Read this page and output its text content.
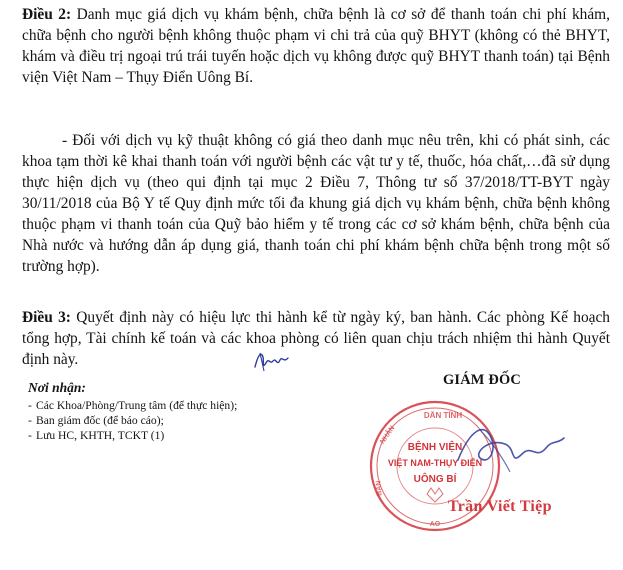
Điều 2: Danh mục giá dịch vụ khám bệnh, chữa bệnh là cơ sở để thanh toán chi phí khám, chữa bệnh cho người bệnh không thuộc phạm vi chi trả của quỹ BHYT (không có thẻ BHYT, khám và điều trị ngoại trú trái tuyến hoặc dịch vụ không được quỹ BHYT thanh toán) tại Bệnh viện Việt Nam – Thụy Điển Uông Bí.

- Đối với dịch vụ kỹ thuật không có giá theo danh mục nêu trên, khi có phát sinh, các khoa tạm thời kê khai thanh toán với người bệnh các vật tư y tế, thuốc, hóa chất,…đã sử dụng thực hiện dịch vụ (theo qui định tại mục 2 Điều 7, Thông tư số 37/2018/TT-BYT ngày 30/11/2018 của Bộ Y tế Quy định mức tối đa khung giá dịch vụ khám bệnh, chữa bệnh không thuộc phạm vi thanh toán của Quỹ bảo hiểm y tế trong các cơ sở khám bệnh, chữa bệnh của Nhà nước và hướng dẫn áp dụng giá, thanh toán chi phí khám bệnh chữa bệnh trong một số trường hợp).

Điều 3: Quyết định này có hiệu lực thi hành kể từ ngày ký, ban hành. Các phòng Kế hoạch tổng hợp, Tài chính kế toán và các khoa phòng có liên quan chịu trách nhiệm thi hành Quyết định này.

Nơi nhận:

- Các Khoa/Phòng/Trung tâm (để thực hiện);
- Ban giám đốc (để báo cáo);
- Lưu HC, KHTH, TCKT (1)
GIÁM ĐỐC
DÂN TỈNH
NHÂN
BAN
AO
BỆNH VIỆN
VIỆT NAM-THỤY ĐIỂN
UÔNG BÍ
Trần Viết Tiệp
